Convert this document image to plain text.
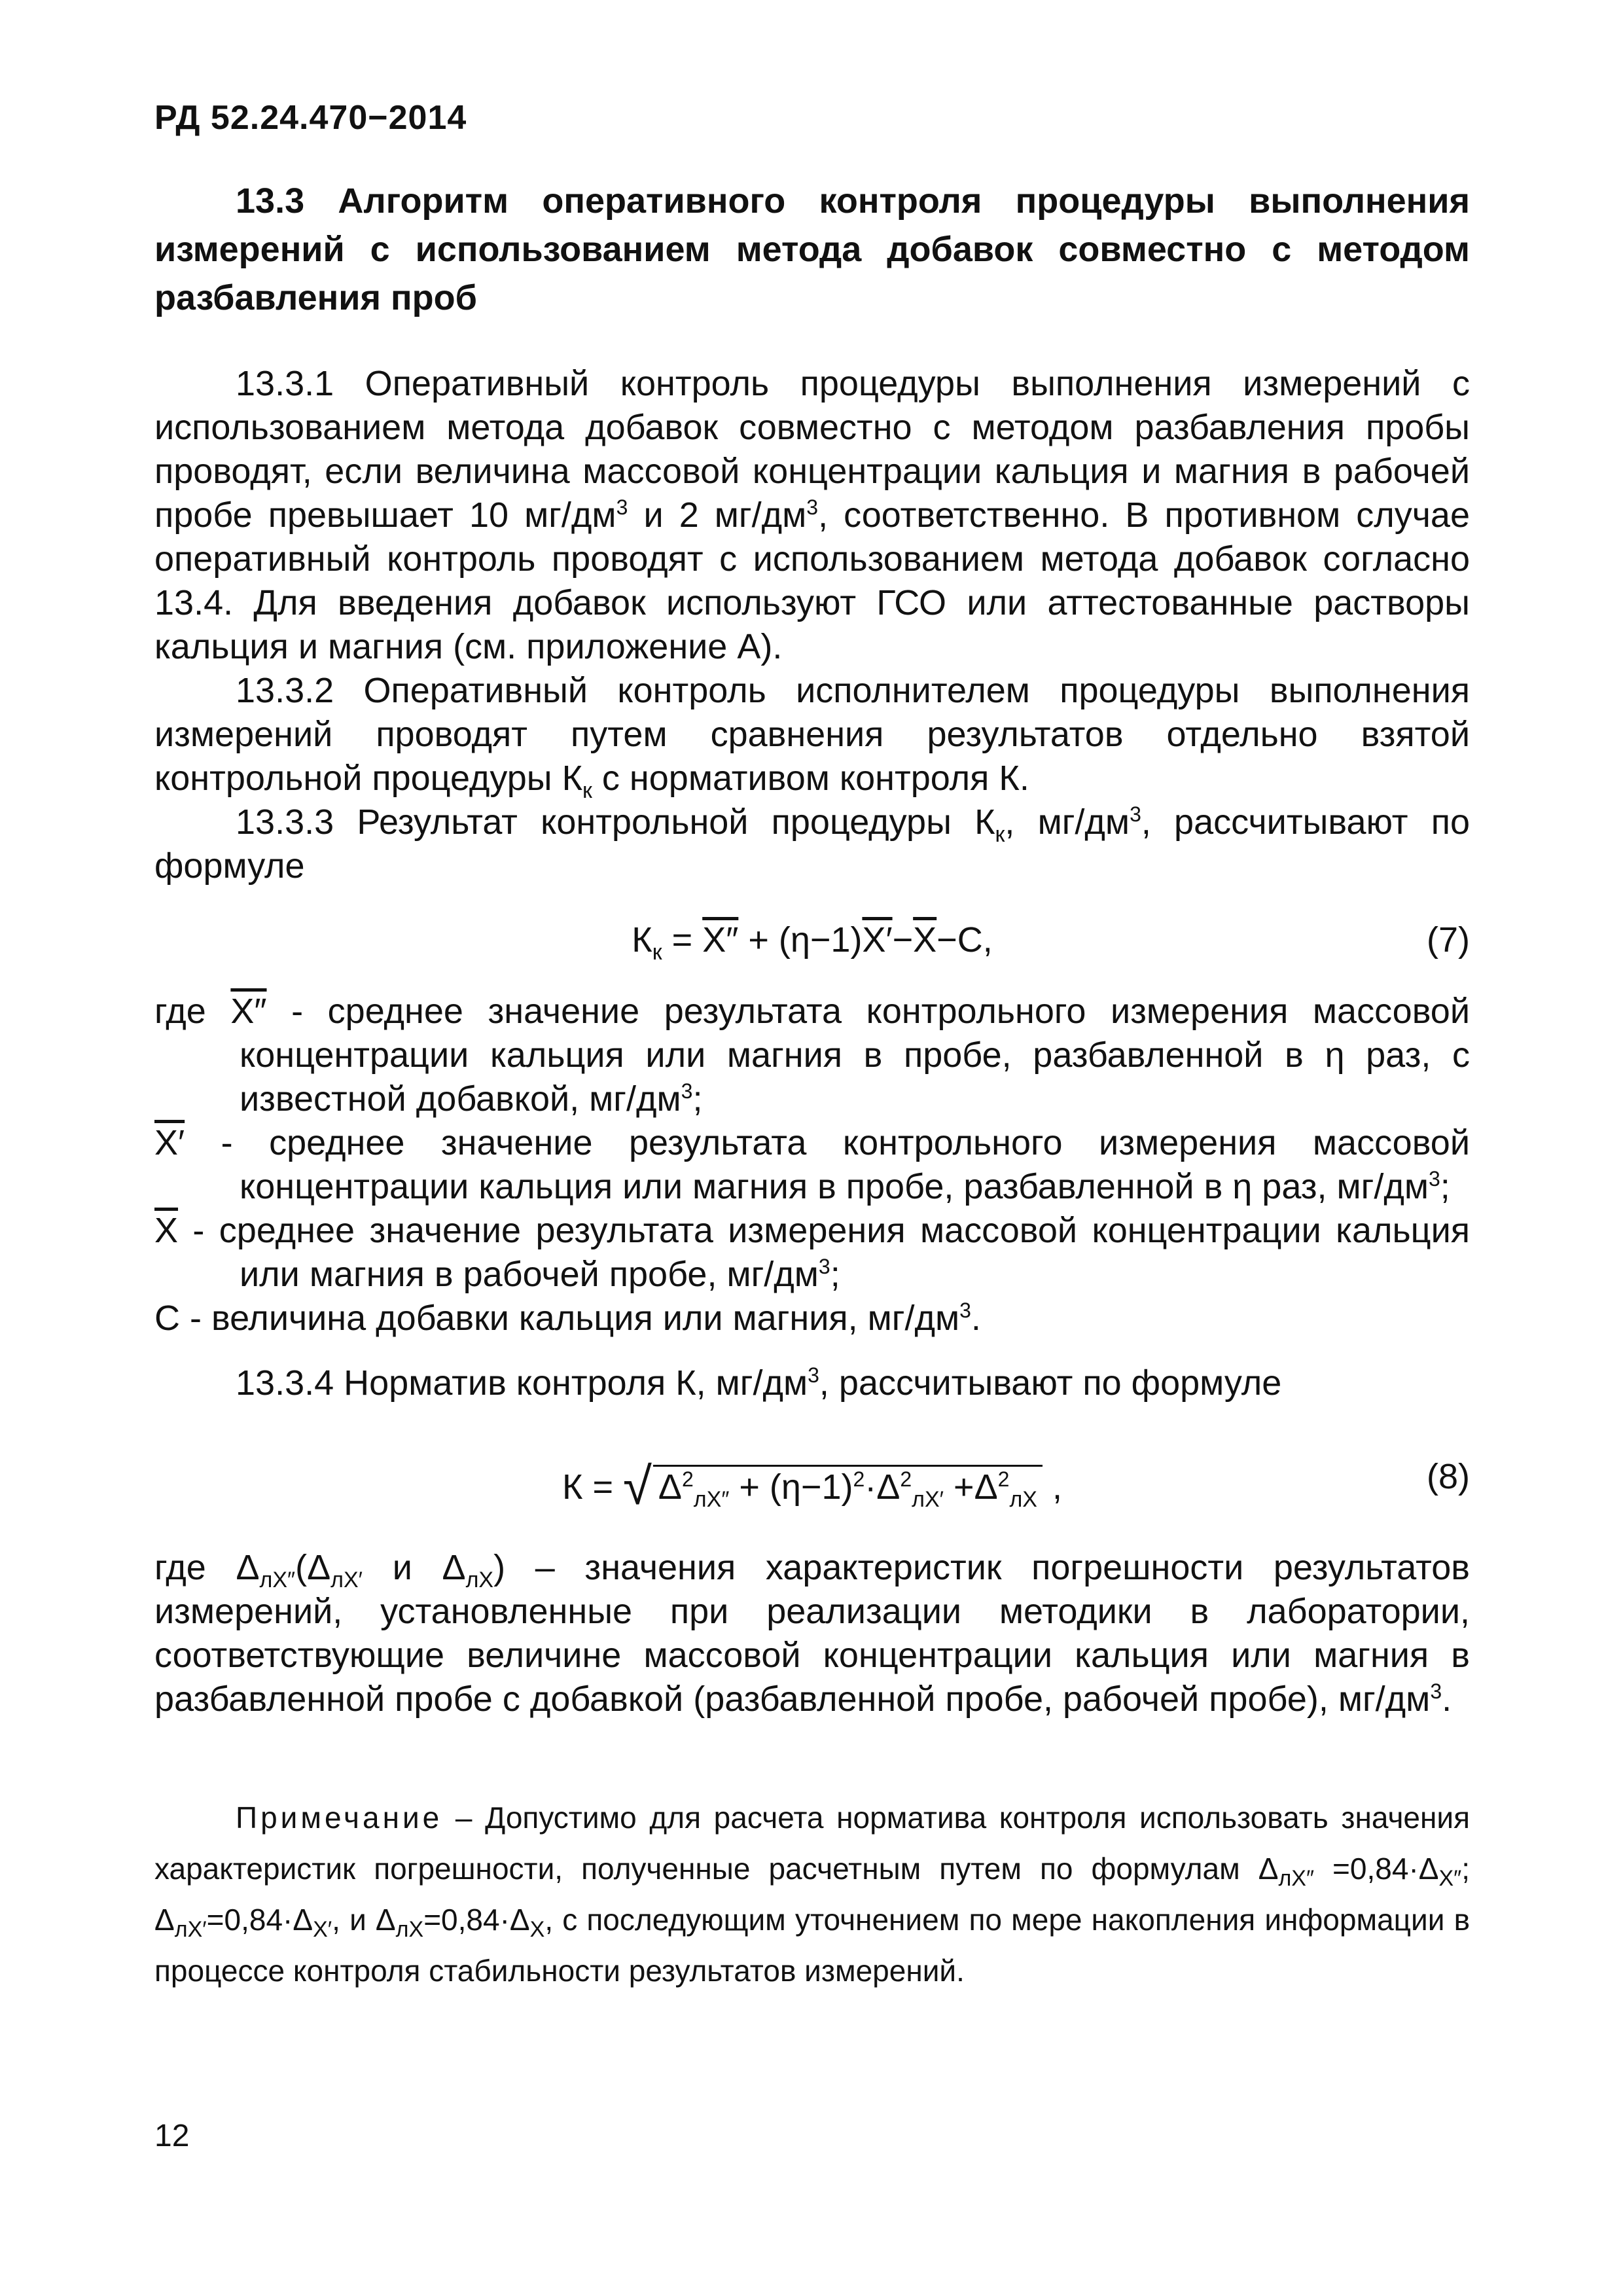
РД 52.24.470−2014
13.3 Алгоритм оперативного контроля процедуры выполнения измерений с использованием метода добавок совместно с методом разбавления проб

13.3.1 Оперативный контроль процедуры выполнения измерений с использованием метода добавок совместно с методом разбавления пробы проводят, если величина массовой концентрации кальция и магния в рабочей пробе превышает 10 $мг/дм^3$ и 2 $мг/дм^3$, соответственно. В противном случае оперативный контроль проводят с использованием метода добавок согласно 13.4. Для введения добавок используют ГСО или аттестованные растворы кальция и магния (см. приложение А).

13.3.2 Оперативный контроль исполнителем процедуры выполнения измерений проводят путем сравнения результатов отдельно взятой контрольной процедуры $К_к$ с нормативом контроля К.

13.3.3 Результат контрольной процедуры $К_к$, $мг/дм^3$, рассчитывают по формуле

$К_к = X'' + (\eta-1)X'-\overline{X}-С$,	(7)

где X″ - среднее значение результата контрольного измерения массовой концентрации кальция или магния в пробе, разбавленной в η раз, с известной добавкой, $мг/дм^3$;

X′ - среднее значение результата контрольного измерения массовой концентрации кальция или магния в пробе, разбавленной в η раз, $мг/дм^3$;

$\overline{X}$ - среднее значение результата измерения массовой концентрации кальция или магния в рабочей пробе, $мг/дм^3$;

С - величина добавки кальция или магния, $мг/дм^3$.

13.3.4 Норматив контроля К, $мг/дм^3$, рассчитывают по формуле

К = √ $\Delta^2_{лX''} + (\eta-1)^2\cdot\Delta^2_{лX'} +\Delta^2_{лX}$ ,	(8)

где $\Delta_{лX''}(\Delta_{лX'}$ и $\Delta_{лX}$) – значения характеристик погрешности результатов измерений, установленные при реализации методики в лаборатории, соответствующие величине массовой концентрации кальция или магния в разбавленной пробе с добавкой (разбавленной пробе, рабочей пробе), $мг/дм^3$.

Примечание – Допустимо для расчета норматива контроля использовать значения характеристик погрешности, полученные расчетным путем по формулам $\Delta_{лX''} =0,84\cdot\Delta_{X''}$; $\Delta_{лX'}=0,84\cdot\Delta_{X'}$, и $\Delta_{лX}=0,84\cdot\Delta_X$, с последующим уточнением по мере накопления информации в процессе контроля стабильности результатов измерений.

12
